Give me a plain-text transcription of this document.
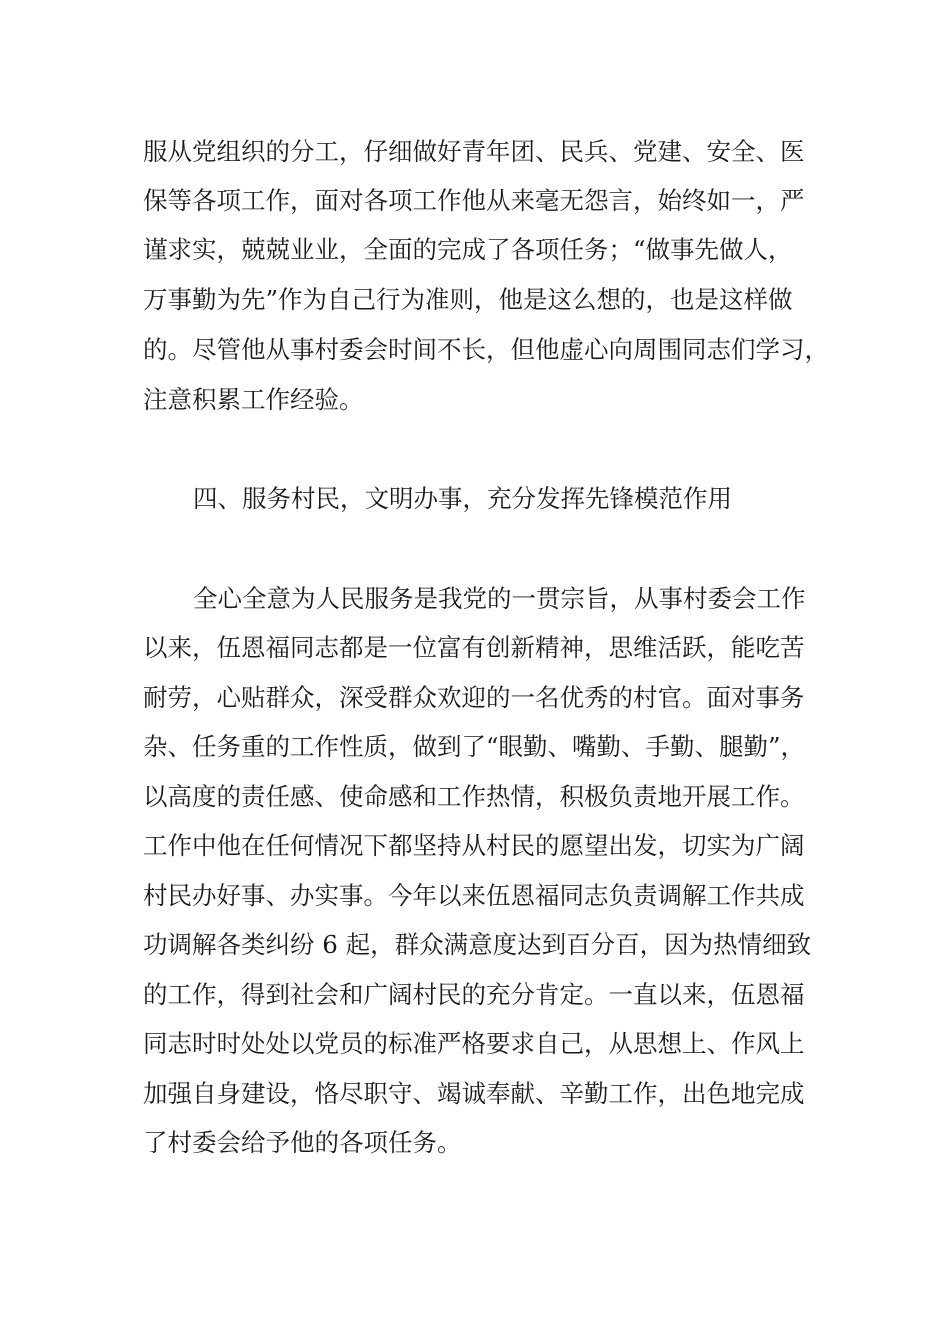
服从党组织的分工，仔细做好青年团、民兵、党建、安全、医

保等各项工作，面对各项工作他从来毫无怨言，始终如一，严

谨求实，兢兢业业，全面的完成了各项任务；“做事先做人，

万事勤为先”作为自己行为准则，他是这么想的，也是这样做

的。尽管他从事村委会时间不长，但他虚心向周围同志们学习，

注意积累工作经验。

四、服务村民，文明办事，充分发挥先锋模范作用

全心全意为人民服务是我党的一贯宗旨，从事村委会工作

以来，伍恩福同志都是一位富有创新精神，思维活跃，能吃苦

耐劳，心贴群众，深受群众欢迎的一名优秀的村官。面对事务

杂、任务重的工作性质，做到了“眼勤、嘴勤、手勤、腿勤”，

以高度的责任感、使命感和工作热情，积极负责地开展工作。

工作中他在任何情况下都坚持从村民的愿望出发，切实为广阔

村民办好事、办实事。今年以来伍恩福同志负责调解工作共成

功调解各类纠纷 6 起，群众满意度达到百分百，因为热情细致

的工作，得到社会和广阔村民的充分肯定。一直以来，伍恩福

同志时时处处以党员的标准严格要求自己，从思想上、作风上

加强自身建设，恪尽职守、竭诚奉献、辛勤工作，出色地完成

了村委会给予他的各项任务。
